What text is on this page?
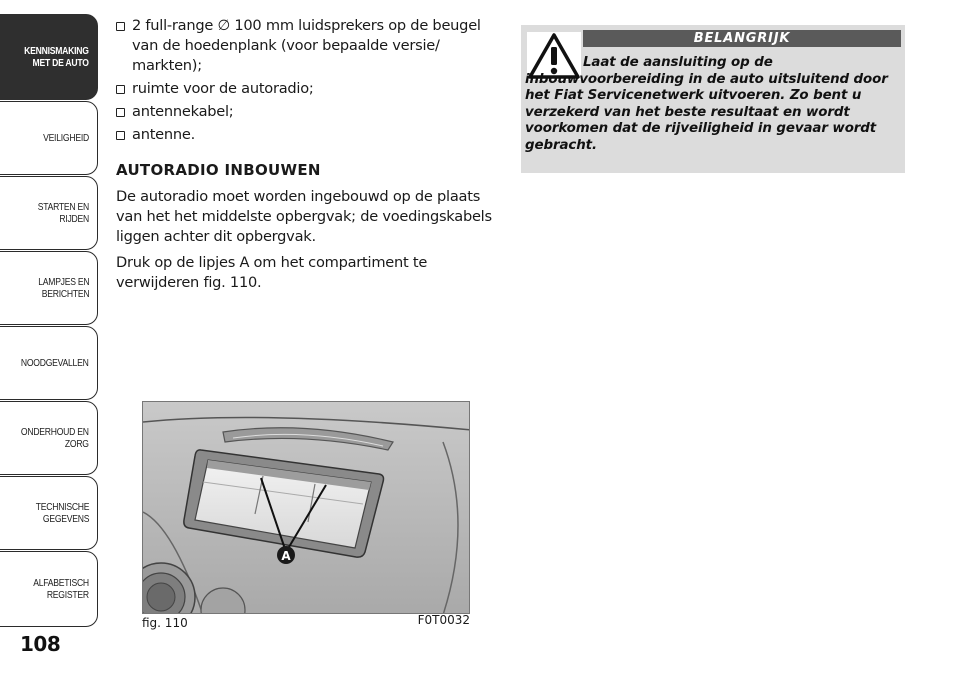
KENNISMAKING
MET DE AUTO
VEILIGHEID
STARTEN EN RIJDEN
LAMPJES EN
BERICHTEN
NOODGEVALLEN
ONDERHOUD EN
ZORG
TECHNISCHE
GEGEVENS
ALFABETISCH
REGISTER
108
2 full-range ∅ 100 mm luidsprekers op de beugel van de hoedenplank (voor bepaalde versie/ markten);
ruimte voor de autoradio;
antennekabel;
antenne.
AUTORADIO INBOUWEN

De autoradio moet worden ingebouwd op de plaats van het het middelste opbergvak; de voedingskabels liggen achter dit opbergvak.

Druk op de lipjes A om het compartiment te verwijderen fig. 110.

A
fig. 110	F0T0032
BELANGRIJK
Laat de aansluiting op de inbouwvoorbereiding in de auto uitsluitend door het Fiat Servicenetwerk uitvoeren. Zo bent u verzekerd van het beste resultaat en wordt voorkomen dat de rijveiligheid in gevaar wordt gebracht.
